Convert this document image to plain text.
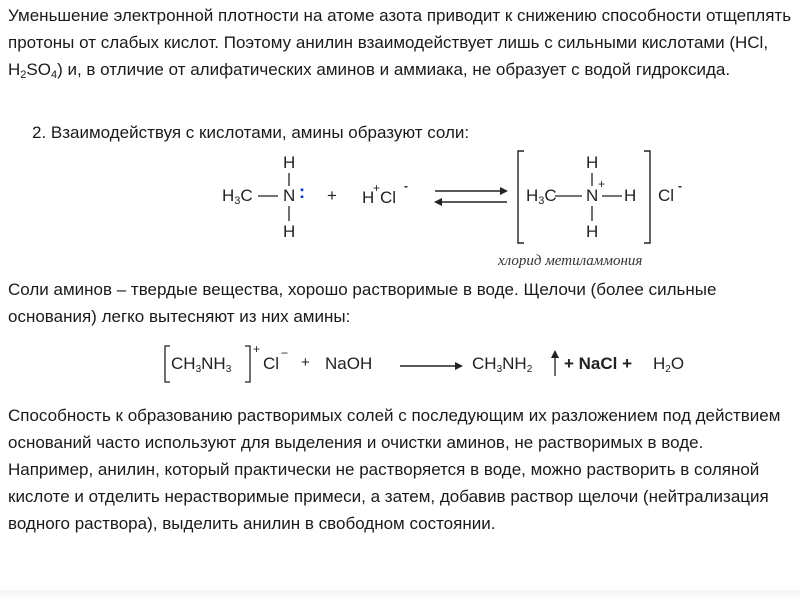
Уменьшение электронной плотности на атоме азота приводит к снижению способности отщеплять протоны от слабых кислот. Поэтому анилин взаимодействует лишь с сильными кислотами (HCl, $H_2SO_4$) и, в отличие от алифатических аминов и аммиака, не образует с водой гидроксида.

2. Взаимодействуя с кислотами, амины образуют соли:

$H_3C$ N :
H
H
+ H
+ Cl
-	$H_3C$ N
+
H
H
H Cl -
хлорид метиламмония

Соли аминов – твердые вещества, хорошо растворимые в воде. Щелочи (более сильные основания) легко вытесняют из них амины:

$CH_3NH_3$
+
Cl
−
+ NaOH	$CH_3NH_2$ + NaCl + $H_2O$

Способность к образованию растворимых солей с последующим их разложением под действием оснований часто используют для выделения и очистки аминов, не растворимых в воде. Например, анилин, который практически не растворяется в воде, можно растворить в соляной кислоте и отделить нерастворимые примеси, а затем, добавив раствор щелочи (нейтрализация водного раствора), выделить анилин в свободном состоянии.
